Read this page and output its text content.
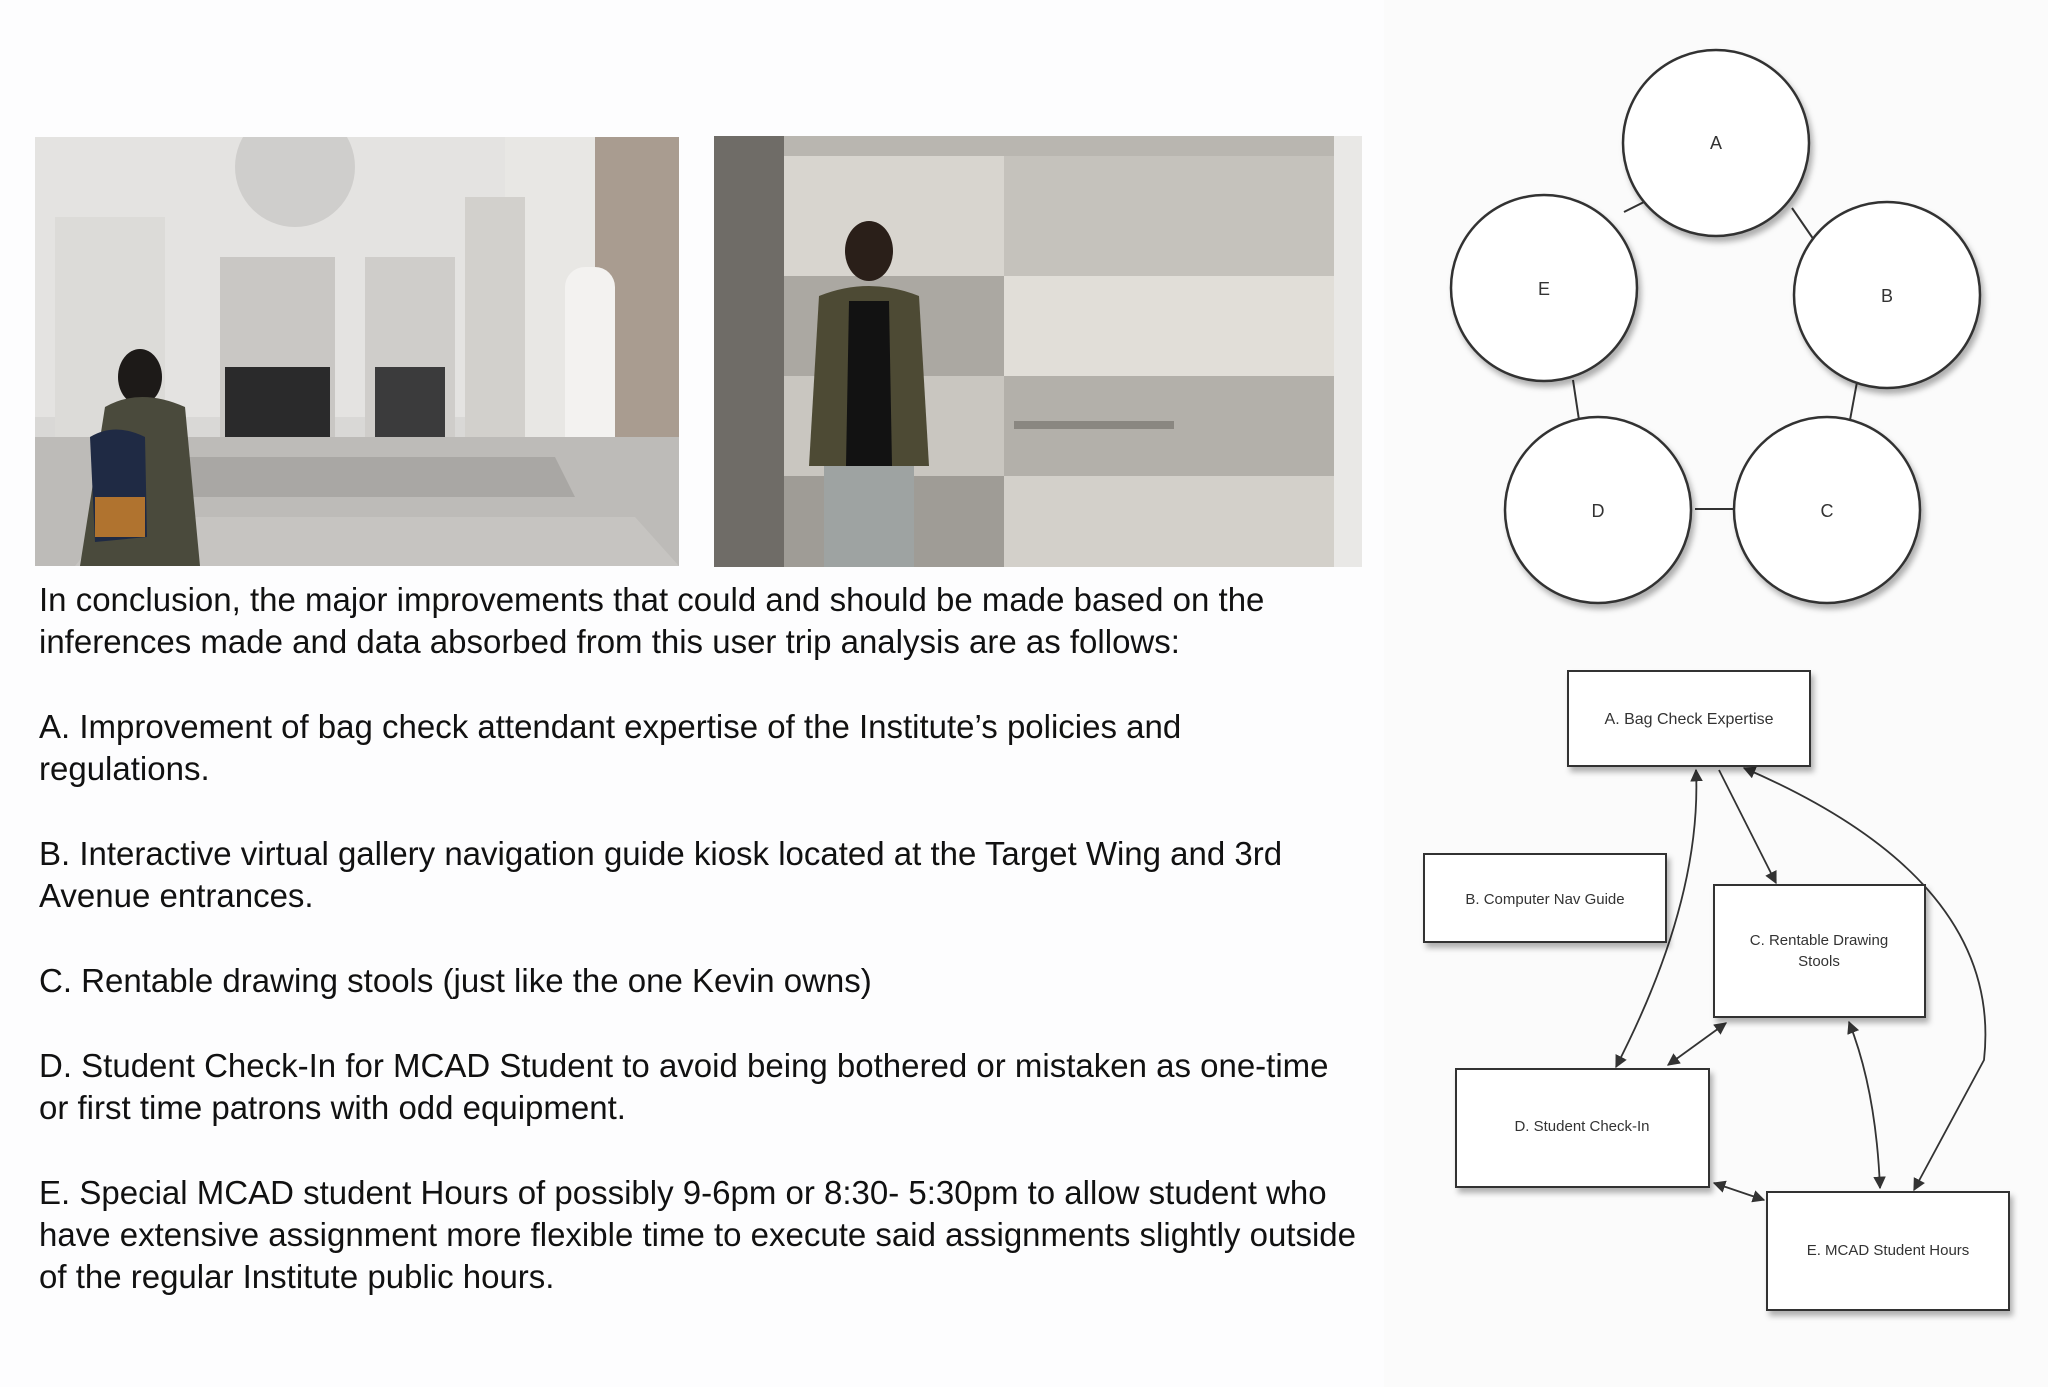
In conclusion, the major improvements that could and should be made based on the inferences made and data absorbed from this user trip analysis are as follows:

A. Improvement of bag check attendant expertise of the Institute’s policies and regulations.

B. Interactive virtual gallery navigation guide kiosk located at the Target Wing and 3rd Avenue entrances.

C. Rentable drawing stools (just like the one Kevin owns)

D. Student Check-In for MCAD Student to avoid being bothered or mistaken as one-time or first time patrons with odd equipment.

E. Special MCAD student Hours of possibly 9-6pm or 8:30- 5:30pm to allow student who have extensive assignment more flexible time to execute said assignments slightly outside of the regular Institute public hours.

A
B
C
D
E
A. Bag Check Expertise
B. Computer Nav Guide
C. Rentable Drawing
Stools
D. Student Check-In
E. MCAD Student Hours
